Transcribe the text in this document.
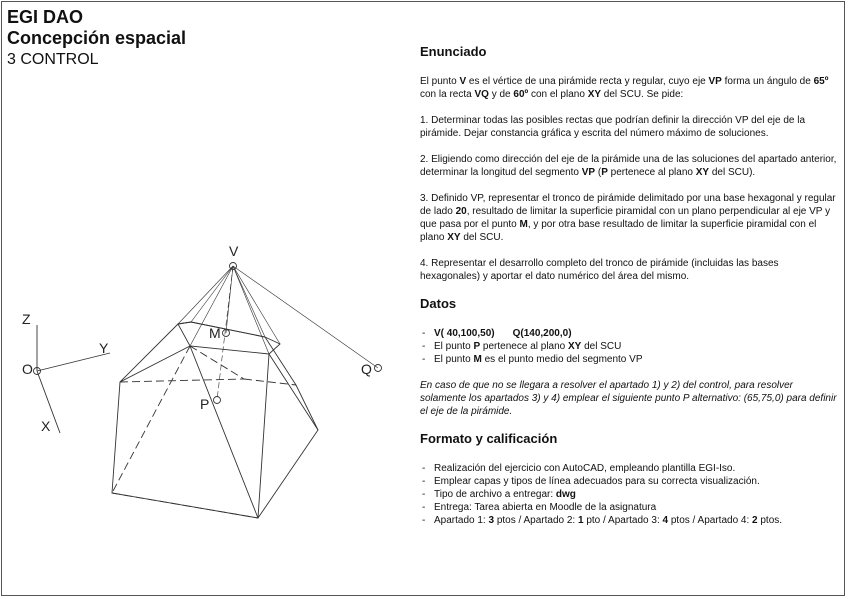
EGI DAO
Concepción espacial
3 CONTROL
V
M
P
Q
O
X
Y
Z
Enunciado

El punto V es el vértice de una pirámide recta y regular, cuyo eje VP forma un ángulo de 65º con la recta VQ y de 60º con el plano XY del SCU. Se pide:

1. Determinar todas las posibles rectas que podrían definir la dirección VP del eje de la pirámide. Dejar constancia gráfica y escrita del número máximo de soluciones.

2. Eligiendo como dirección del eje de la pirámide una de las soluciones del apartado anterior, determinar la longitud del segmento VP (P pertenece al plano XY del SCU).

3. Definido VP, representar el tronco de pirámide delimitado por una base hexagonal y regular de lado 20, resultado de limitar la superficie piramidal con un plano perpendicular al eje VP y que pasa por el punto M, y por otra base resultado de limitar la superficie piramidal con el plano XY del SCU.

4. Representar el desarrollo completo del tronco de pirámide (incluidas las bases hexagonales) y aportar el dato numérico del área del mismo.

Datos
- V( 40,100,50) Q(140,200,0)
- El punto P pertenece al plano XY del SCU
- El punto M es el punto medio del segmento VP

En caso de que no se llegara a resolver el apartado 1) y 2) del control, para resolver solamente los apartados 3) y 4) emplear el siguiente punto P alternativo: (65,75,0) para definir el eje de la pirámide.

Formato y calificación
- Realización del ejercicio con AutoCAD, empleando plantilla EGI-Iso.
- Emplear capas y tipos de línea adecuados para su correcta visualización.
- Tipo de archivo a entregar: dwg
- Entrega: Tarea abierta en Moodle de la asignatura
- Apartado 1: 3 ptos / Apartado 2: 1 pto / Apartado 3: 4 ptos / Apartado 4: 2 ptos.
